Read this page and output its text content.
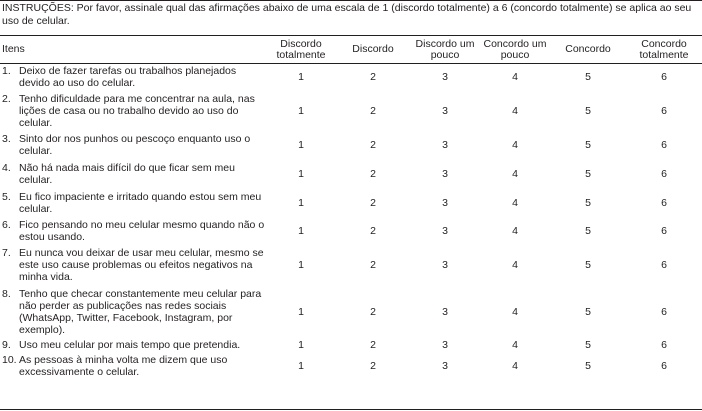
INSTRUÇÕES: Por favor, assinale qual das afirmações abaixo de uma escala de 1 (discordo totalmente) a 6 (concordo totalmente) se aplica ao seu uso de celular.
Itens	Discordo totalmente	Discordo	Discordo um pouco	Concordo um pouco	Concordo	Concordo totalmente

1. Deixo de fazer tarefas ou trabalhos planejados devido ao uso do celular.	1	2	3	4	5	6

2. Tenho dificuldade para me concentrar na aula, nas lições de casa ou no trabalho devido ao uso do celular.	1	2	3	4	5	6

3. Sinto dor nos punhos ou pescoço enquanto uso o celular.	1	2	3	4	5	6

4. Não há nada mais difícil do que ficar sem meu celular.	1	2	3	4	5	6

5. Eu fico impaciente e irritado quando estou sem meu celular.	1	2	3	4	5	6

6. Fico pensando no meu celular mesmo quando não o estou usando.	1	2	3	4	5	6

7. Eu nunca vou deixar de usar meu celular, mesmo se este uso cause problemas ou efeitos negativos na minha vida.	1	2	3	4	5	6

8. Tenho que checar constantemente meu celular para não perder as publicações nas redes sociais (WhatsApp, Twitter, Facebook, Instagram, por exemplo).	1	2	3	4	5	6

9. Uso meu celular por mais tempo que pretendia.	1	2	3	4	5	6

10. As pessoas à minha volta me dizem que uso excessivamente o celular.	1	2	3	4	5	6
